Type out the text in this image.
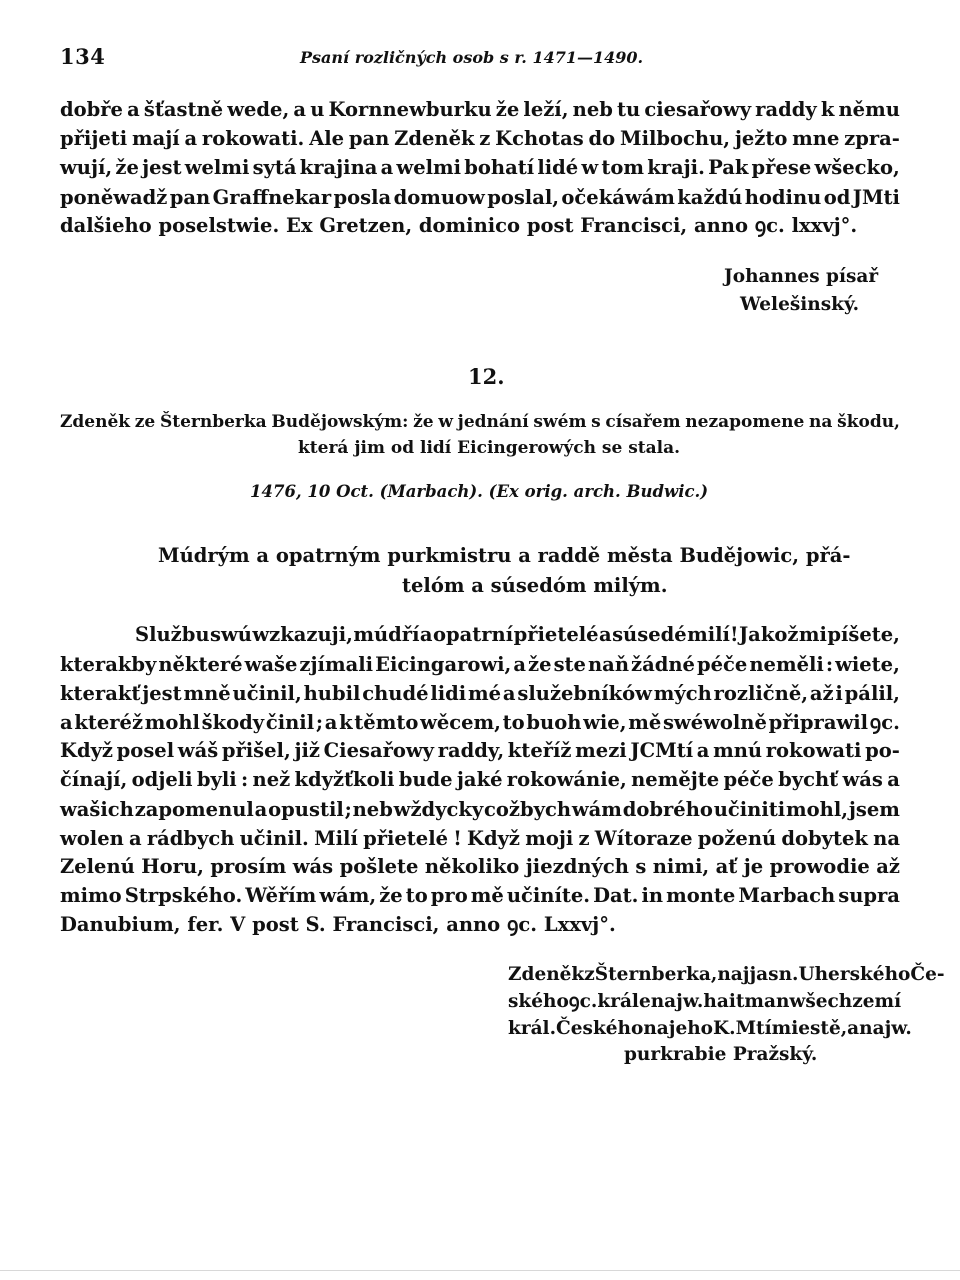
134	Psaní rozličných osob s r. 1471—1490.
dobře a šťastně wede, a u Kornnewburku že leží, neb tu ciesařowy raddy k němu
přijeti mají a rokowati. Ale pan Zdeněk z Kchotas do Milbochu, ježto mne zpra-
wují, že jest welmi sytá krajina a welmi bohatí lidé w tom kraji. Pak přese wšecko,
poněwadž pan Graffnekar posla domuow poslal, očekáwám každú hodinu od JMti
dalšieho poselstwie. Ex Gretzen, dominico post Francisci, anno ꝯc. lxxvj°.
Johannes písař
Welešinský.
12.
Zdeněk ze Šternberka Budějowským: že w jednání swém s císařem nezapomene na škodu,
která jim od lidí Eicingerowých se stala.
1476, 10 Oct. (Marbach). (Ex orig. arch. Budwic.)
Múdrým a opatrným purkmistru a raddě města Budějowic, přá-
telóm a súsedóm milým.
Službu swú wzkazuji, múdří a opatrní přietelé a súsedé milí! Jakož mi píšete,
kterakby některé waše zjímali Eicingarowi, a že ste naň žádné péče neměli : wiete,
kterakť jest mně učinil, hubil chudé lidi mé a služebníków mých rozličně, až i pálil,
a kteréž mohl škody činil ; a k těmto wěcem, to buoh wie, mě swéwolně připrawil ꝯc.
Když posel wáš přišel, již Ciesařowy raddy, kteříž mezi JCMtí a mnú rokowati po-
čínají, odjeli byli : než kdyžťkoli bude jaké rokowánie, nemějte péče bychť wás a
wašich zapomenul a opustil ; neb wždycky cožbych wám dobrého učiniti mohl, jsem
wolen a rádbych učinil. Milí přietelé ! Když moji z Wítoraze poženú dobytek na
Zelenú Horu, prosím wás pošlete několiko jiezdných s nimi, ať je prowodie až
mimo Strpského. Wěřím wám, že to pro mě učiníte. Dat. in monte Marbach supra
Danubium, fer. V post S. Francisci, anno ꝯc. Lxxvj°.
Zdeněk z Šternberka, najjasn. Uherského Če-
ského ꝯc. krále najw. haitman wšech zemí
král. Českého na jeho K. Mtí miestě, a najw.
purkrabie Pražský.
